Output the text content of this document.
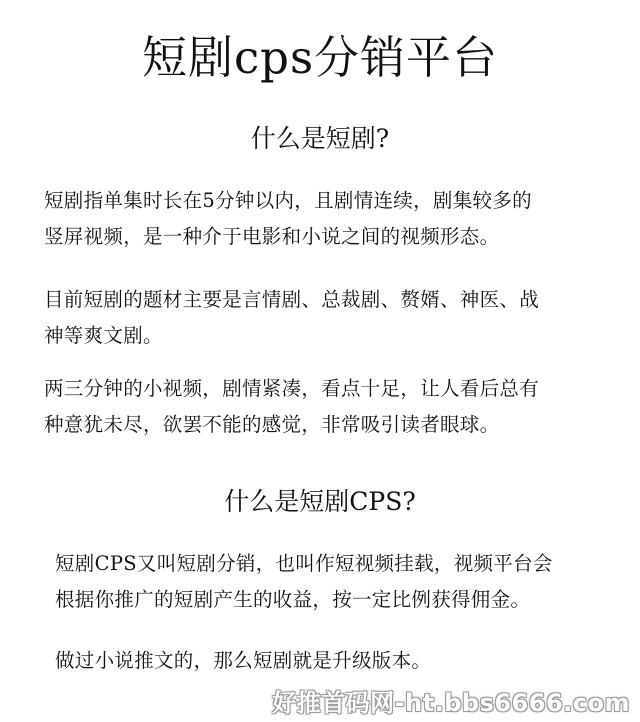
短剧cps分销平台
什么是短剧?
短剧指单集时长在5分钟以内，且剧情连续，剧集较多的
竖屏视频，是一种介于电影和小说之间的视频形态。
目前短剧的题材主要是言情剧、总裁剧、赘婿、神医、战
神等爽文剧。
两三分钟的小视频，剧情紧凑，看点十足，让人看后总有
种意犹未尽，欲罢不能的感觉，非常吸引读者眼球。
什么是短剧CPS?
短剧CPS又叫短剧分销，也叫作短视频挂载，视频平台会
根据你推广的短剧产生的收益，按一定比例获得佣金。
做过小说推文的，那么短剧就是升级版本。
好推首码网-ht.bbs6666.com
